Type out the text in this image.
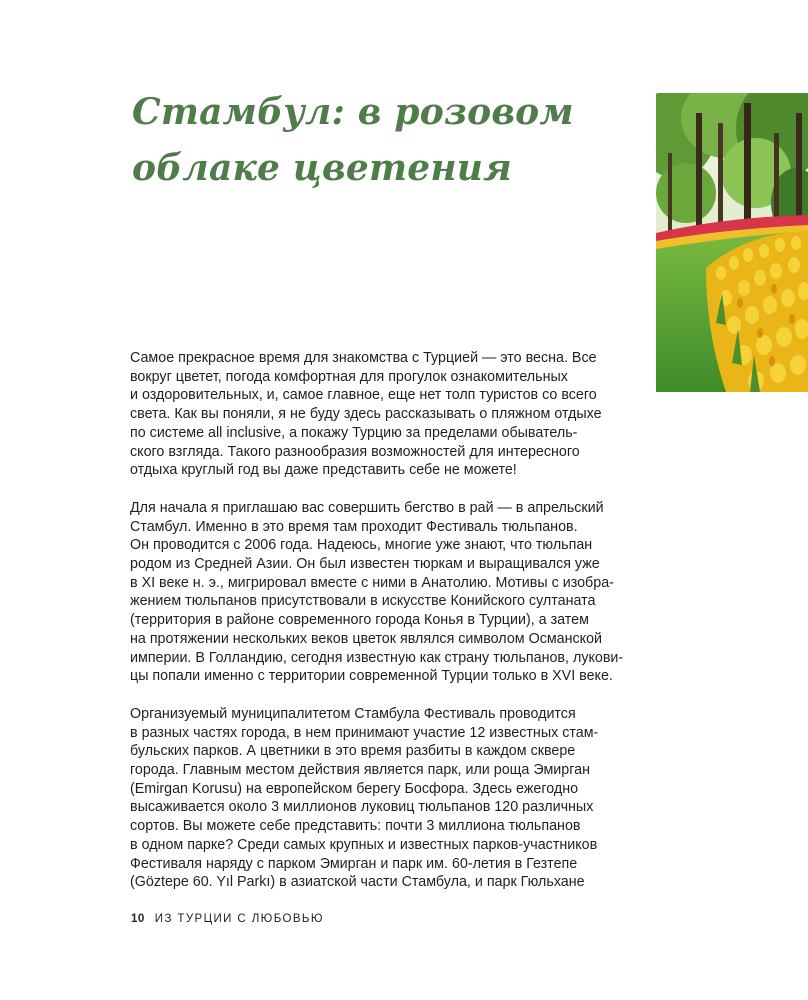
Стамбул: в розовом
облаке цветения

Самое прекрасное время для знакомства с Турцией — это весна. Все
вокруг цветет, погода комфортная для прогулок ознакомительных
и оздоровительных, и, самое главное, еще нет толп туристов со всего
света. Как вы поняли, я не буду здесь рассказывать о пляжном отдыхе
по системе all inclusive, а покажу Турцию за пределами обыватель-
ского взгляда. Такого разнообразия возможностей для интересного
отдыха круглый год вы даже представить себе не можете!

Для начала я приглашаю вас совершить бегство в рай — в апрельский
Стамбул. Именно в это время там проходит Фестиваль тюльпанов.
Он проводится с 2006 года. Надеюсь, многие уже знают, что тюльпан
родом из Средней Азии. Он был известен тюркам и выращивался уже
в XI веке н. э., мигрировал вместе с ними в Анатолию. Мотивы с изобра-
жением тюльпанов присутствовали в искусстве Конийского султаната
(территория в районе современного города Конья в Турции), а затем
на протяжении нескольких веков цветок являлся символом Османской
империи. В Голландию, сегодня известную как страну тюльпанов, лукови-
цы попали именно с территории современной Турции только в XVI веке.

Организуемый муниципалитетом Стамбула Фестиваль проводится
в разных частях города, в нем принимают участие 12 известных стам-
бульских парков. А цветники в это время разбиты в каждом сквере
города. Главным местом действия является парк, или роща Эмирган
(Emirgan Korusu) на европейском берегу Босфора. Здесь ежегодно
высаживается около 3 миллионов луковиц тюльпанов 120 различных
сортов. Вы можете себе представить: почти 3 миллиона тюльпанов
в одном парке? Среди самых крупных и известных парков-участников
Фестиваля наряду с парком Эмирган и парк им. 60-летия в Гезтепе
(Göztepe 60. Yıl Parkı) в азиатской части Стамбула, и парк Гюльхане

10 ИЗ ТУРЦИИ С ЛЮБОВЬЮ
